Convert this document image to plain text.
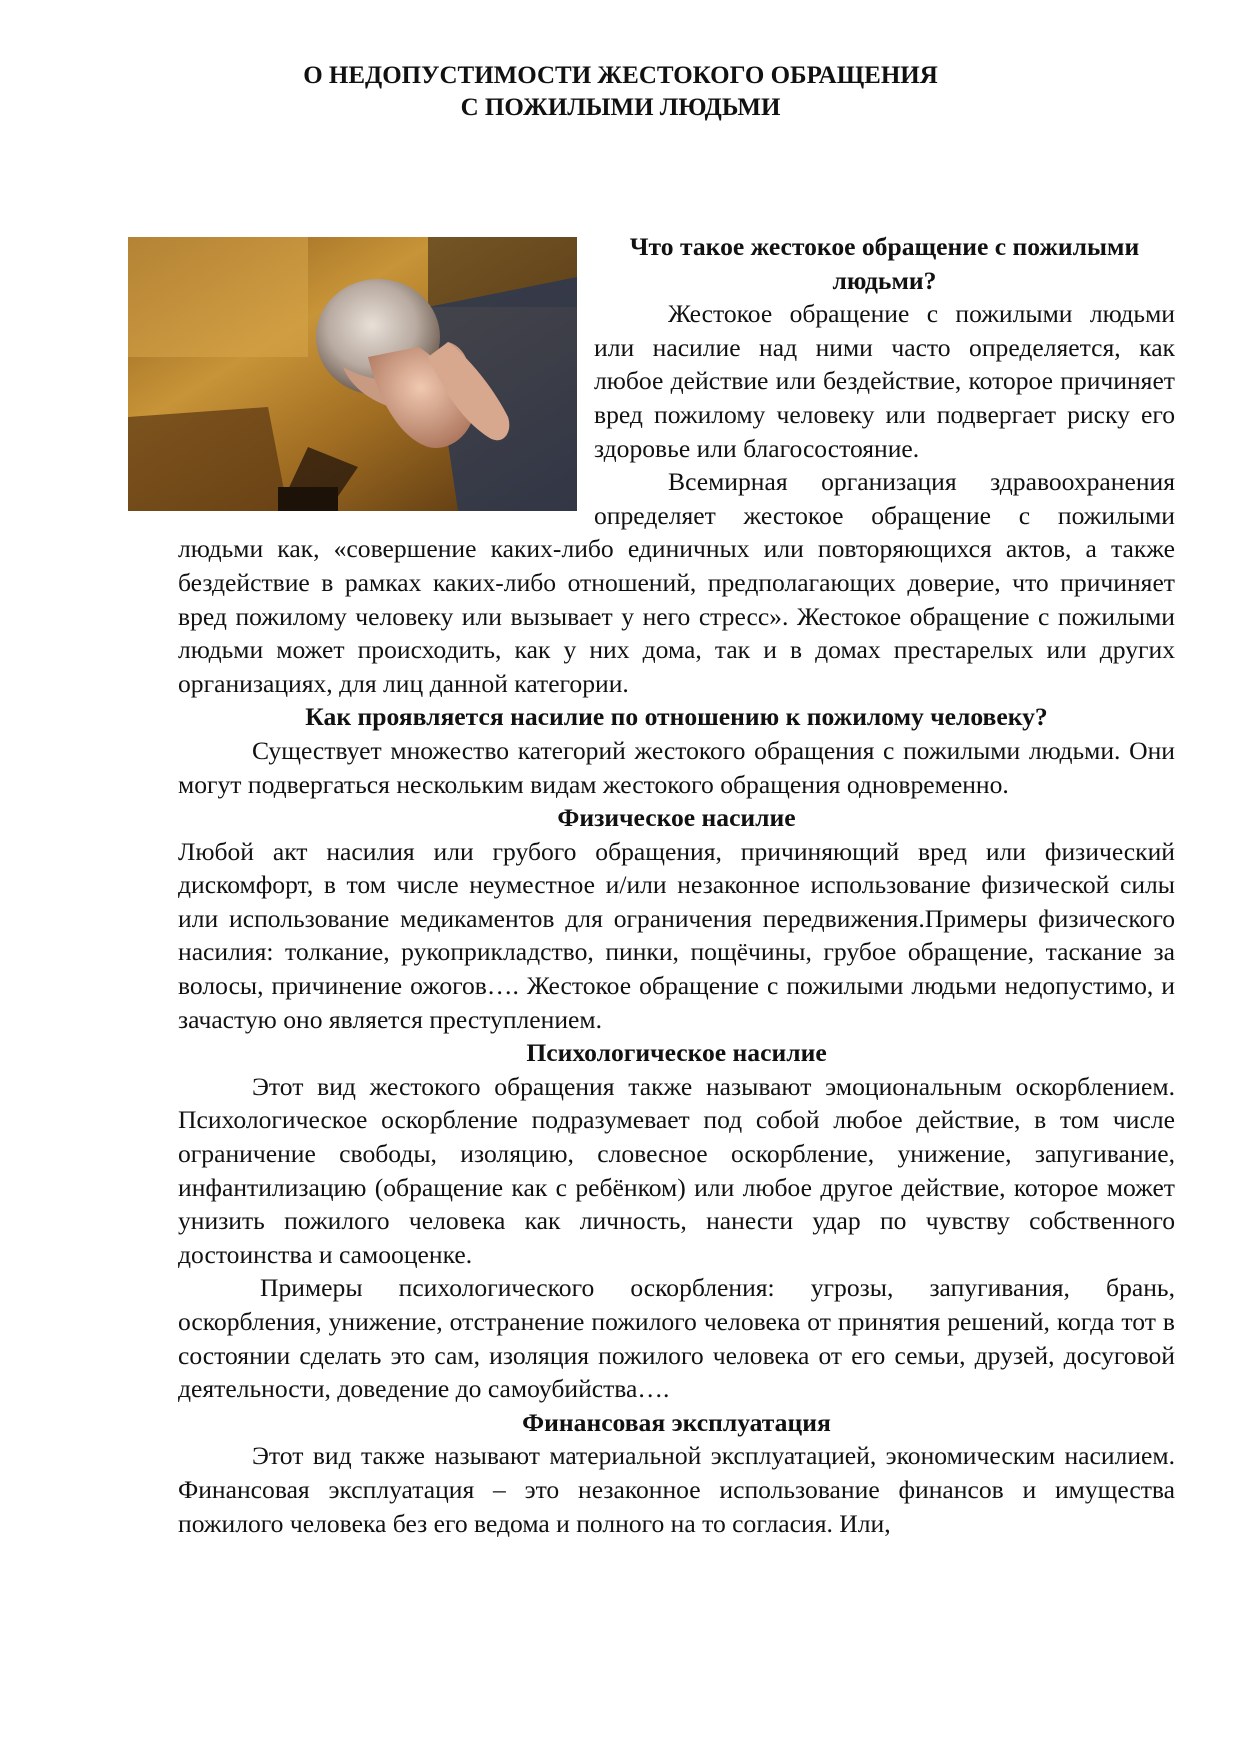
О НЕДОПУСТИМОСТИ ЖЕСТОКОГО ОБРАЩЕНИЯ
С ПОЖИЛЫМИ ЛЮДЬМИ
Что такое жестокое обращение с пожилыми людьми?

Жестокое обращение с пожилыми людьми или насилие над ними часто определяется, как любое действие или бездействие, которое причиняет вред пожилому человеку или подвергает риску его здоровье или благосостояние.

Всемирная организация здравоохранения определяет жестокое обращение с пожилыми людьми как, «совершение каких-либо единичных или повторяющихся актов, а также бездействие в рамках каких-либо отношений, предполагающих доверие, что причиняет вред пожилому человеку или вызывает у него стресс». Жестокое обращение с пожилыми людьми может происходить, как у них дома, так и в домах престарелых или других организациях, для лиц данной категории.

Как проявляется насилие по отношению к пожилому человеку?

Существует множество категорий жестокого обращения с пожилыми людьми. Они могут подвергаться нескольким видам жестокого обращения одновременно.

Физическое насилие

Любой акт насилия или грубого обращения, причиняющий вред или физический дискомфорт, в том числе неуместное и/или незаконное использование физической силы или использование медикаментов для ограничения передвижения.Примеры физического насилия: толкание, рукоприкладство, пинки, пощёчины, грубое обращение, таскание за волосы, причинение ожогов…. Жестокое обращение с пожилыми людьми недопустимо, и зачастую оно является преступлением.

Психологическое насилие

Этот вид жестокого обращения также называют эмоциональным оскорблением. Психологическое оскорбление подразумевает под собой любое действие, в том числе ограничение свободы, изоляцию, словесное оскорбление, унижение, запугивание, инфантилизацию (обращение как с ребёнком) или любое другое действие, которое может унизить пожилого человека как личность, нанести удар по чувству собственного достоинства и самооценке.

Примеры психологического оскорбления: угрозы, запугивания, брань, оскорбления, унижение, отстранение пожилого человека от принятия решений, когда тот в состоянии сделать это сам, изоляция пожилого человека от его семьи, друзей, досуговой деятельности, доведение до самоубийства….

Финансовая эксплуатация

Этот вид также называют материальной эксплуатацией, экономическим насилием. Финансовая эксплуатация – это незаконное использование финансов и имущества пожилого человека без его ведома и полного на то согласия. Или,
